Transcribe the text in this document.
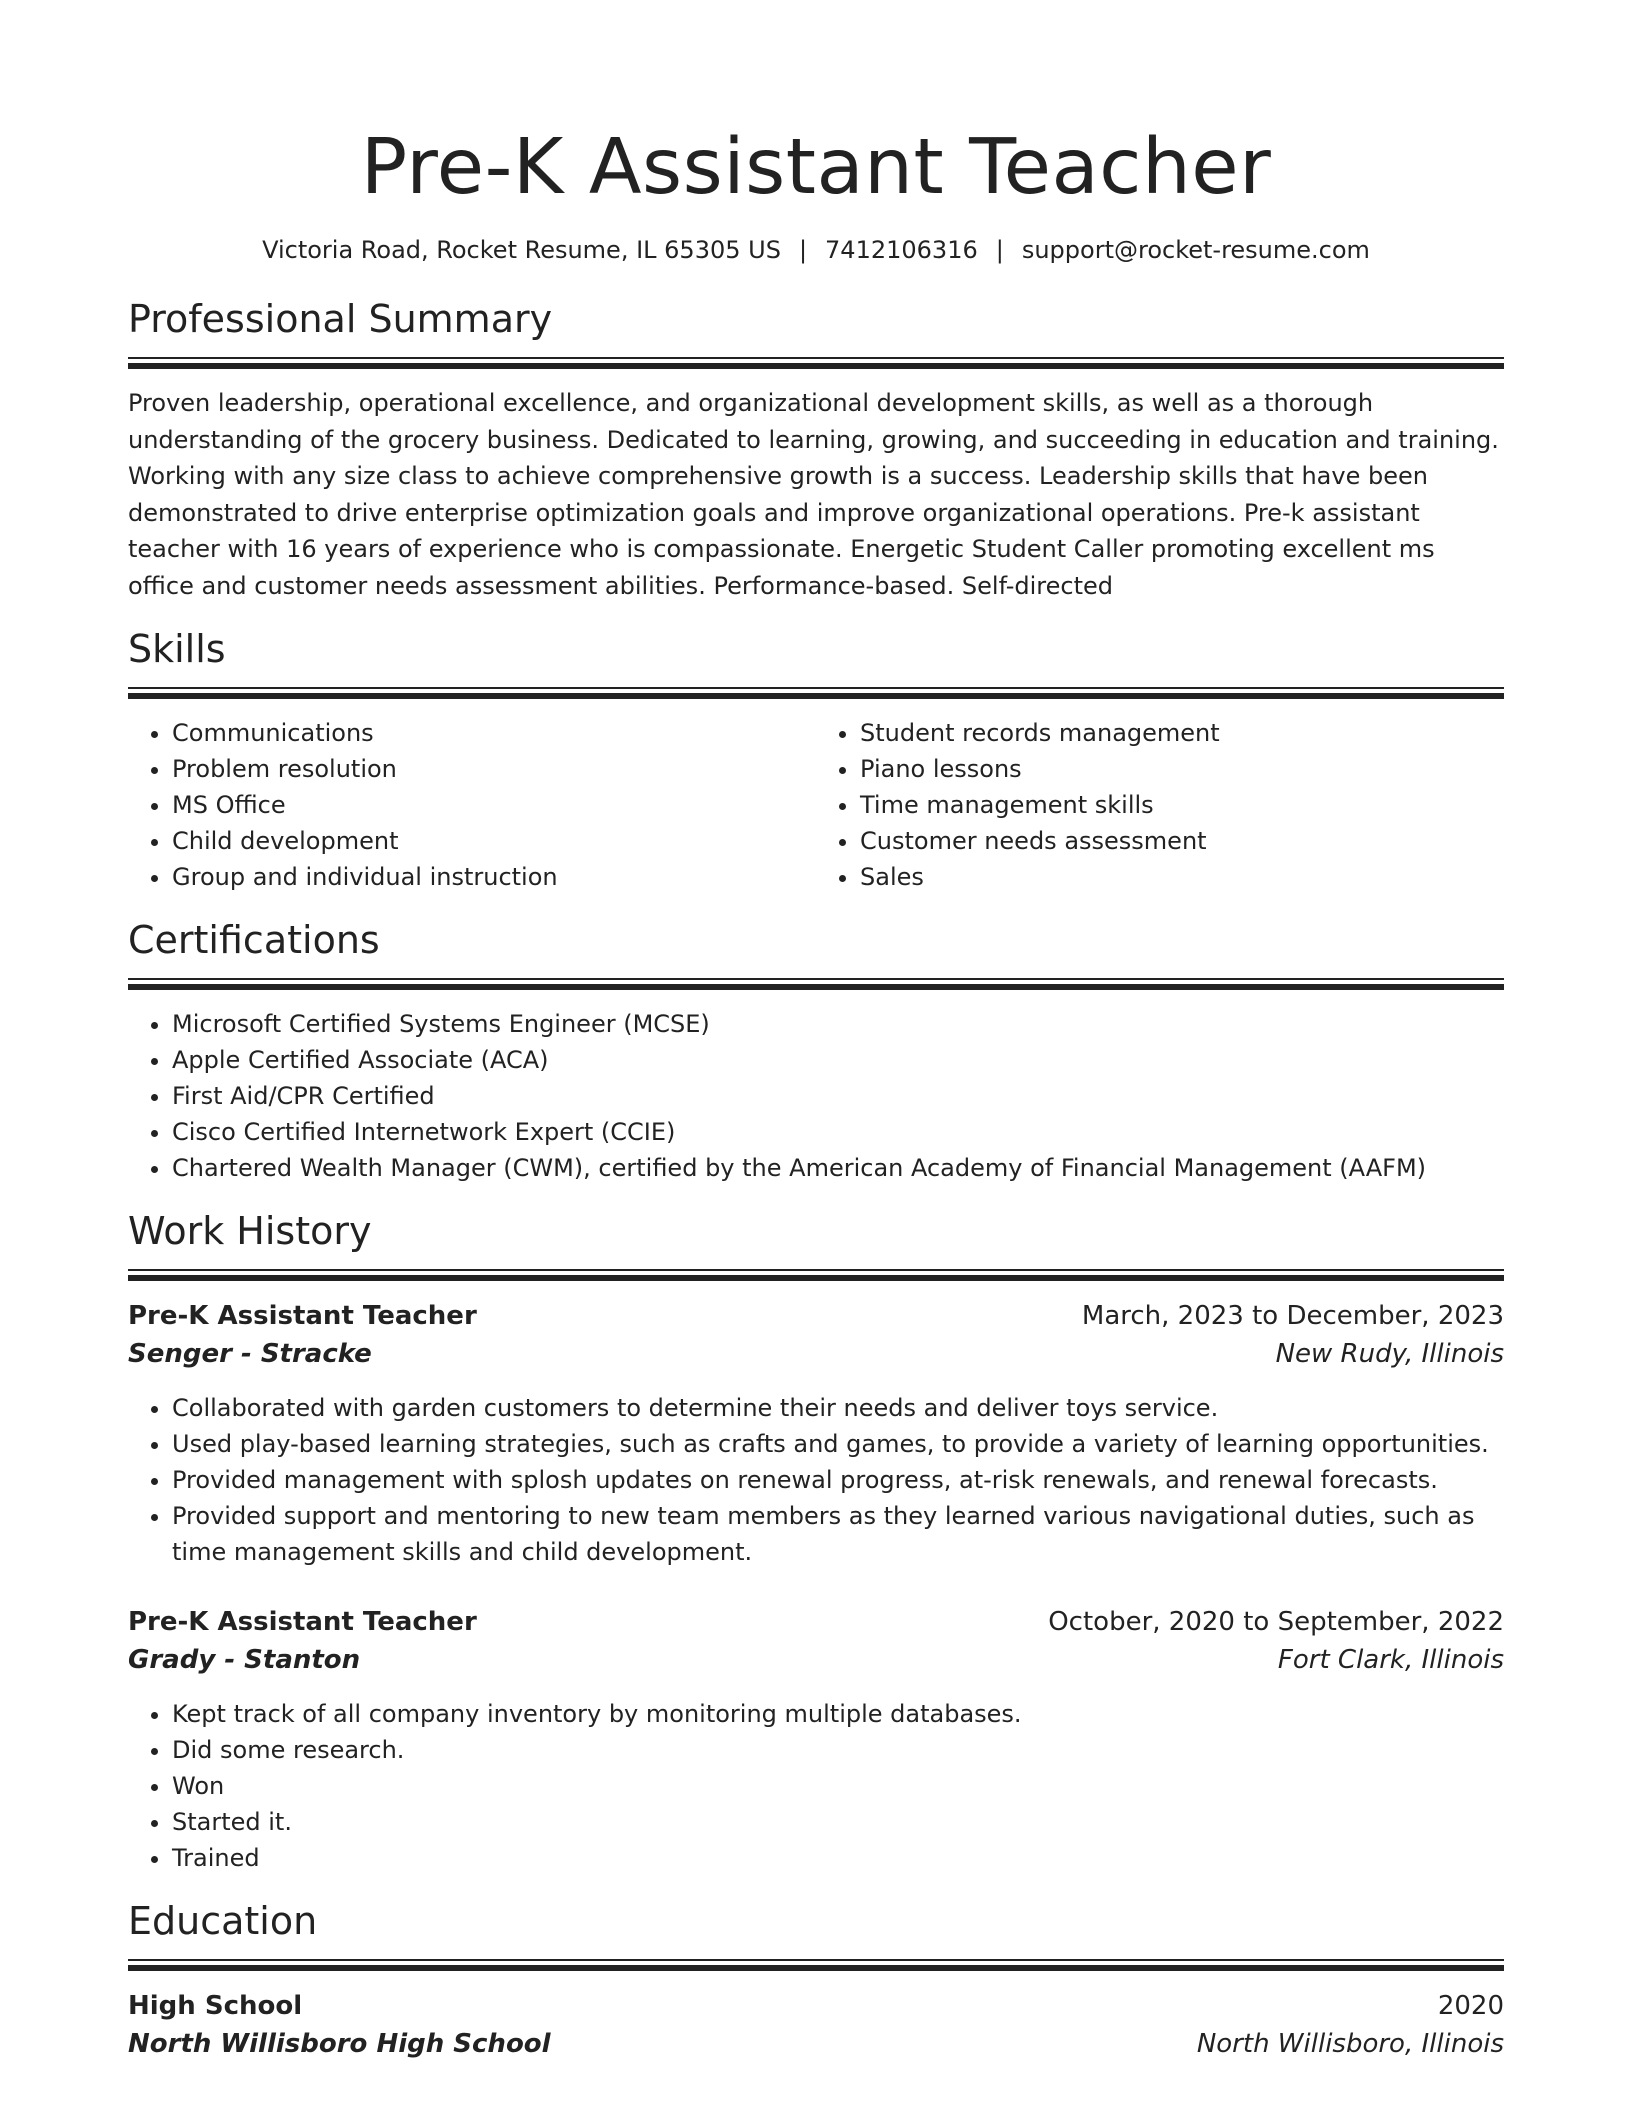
Pre-K Assistant Teacher
Victoria Road, Rocket Resume, IL 65305 US | 7412106316 | support@rocket-resume.com
Professional Summary
Proven leadership, operational excellence, and organizational development skills, as well as a thorough understanding of the grocery business. Dedicated to learning, growing, and succeeding in education and training. Working with any size class to achieve comprehensive growth is a success. Leadership skills that have been demonstrated to drive enterprise optimization goals and improve organizational operations. Pre-k assistant teacher with 16 years of experience who is compassionate. Energetic Student Caller promoting excellent ms office and customer needs assessment abilities. Performance-based. Self-directed
Skills
• Communications
• Problem resolution
• MS Office
• Child development
• Group and individual instruction
• Student records management
• Piano lessons
• Time management skills
• Customer needs assessment
• Sales
Certifications
• Microsoft Certified Systems Engineer (MCSE)
• Apple Certified Associate (ACA)
• First Aid/CPR Certified
• Cisco Certified Internetwork Expert (CCIE)
• Chartered Wealth Manager (CWM), certified by the American Academy of Financial Management (AAFM)
Work History
Pre-K Assistant Teacher	March, 2023 to December, 2023
Senger - Stracke	New Rudy, Illinois
• Collaborated with garden customers to determine their needs and deliver toys service.
• Used play-based learning strategies, such as crafts and games, to provide a variety of learning opportunities.
• Provided management with splosh updates on renewal progress, at-risk renewals, and renewal forecasts.
• Provided support and mentoring to new team members as they learned various navigational duties, such as time management skills and child development.
Pre-K Assistant Teacher	October, 2020 to September, 2022
Grady - Stanton	Fort Clark, Illinois
• Kept track of all company inventory by monitoring multiple databases.
• Did some research.
• Won
• Started it.
• Trained
Education
High School	2020
North Willisboro High School	North Willisboro, Illinois
